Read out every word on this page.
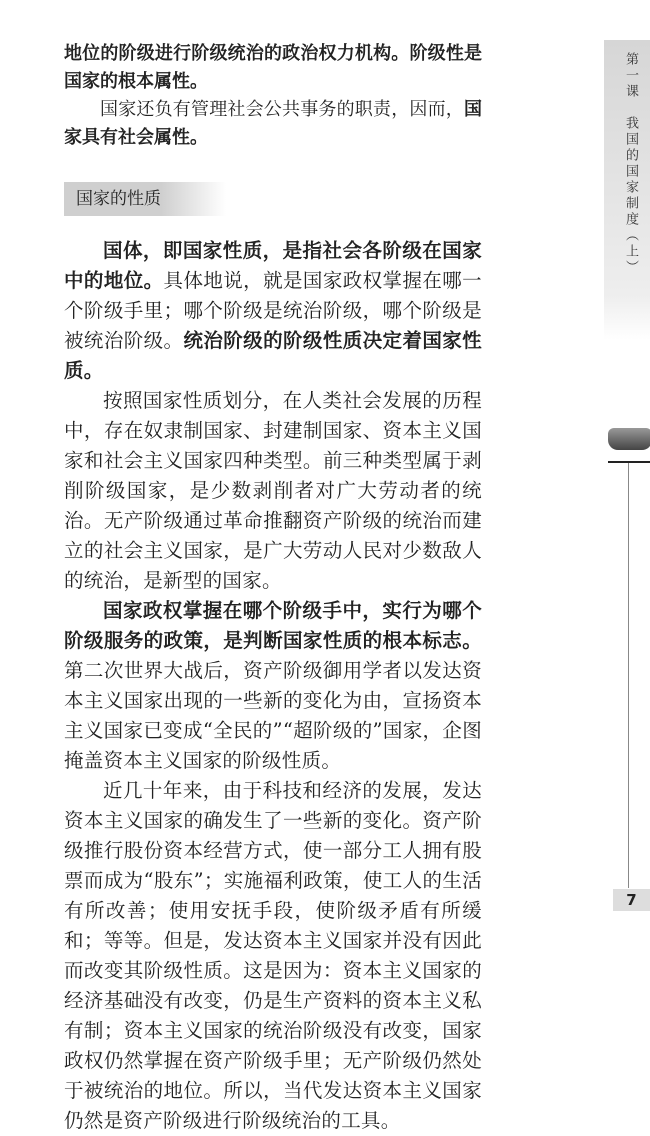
地位的阶级进行阶级统治的政治权力机构。阶级性是国家的根本属性。

国家还负有管理社会公共事务的职责，因而，国家具有社会属性。

国家的性质

国体，即国家性质，是指社会各阶级在国家中的地位。具体地说，就是国家政权掌握在哪一个阶级手里；哪个阶级是统治阶级，哪个阶级是被统治阶级。统治阶级的阶级性质决定着国家性质。

按照国家性质划分，在人类社会发展的历程中，存在奴隶制国家、封建制国家、资本主义国家和社会主义国家四种类型。前三种类型属于剥削阶级国家，是少数剥削者对广大劳动者的统治。无产阶级通过革命推翻资产阶级的统治而建立的社会主义国家，是广大劳动人民对少数敌人的统治，是新型的国家。

国家政权掌握在哪个阶级手中，实行为哪个阶级服务的政策，是判断国家性质的根本标志。第二次世界大战后，资产阶级御用学者以发达资本主义国家出现的一些新的变化为由，宣扬资本主义国家已变成“全民的”“超阶级的”国家，企图掩盖资本主义国家的阶级性质。

近几十年来，由于科技和经济的发展，发达资本主义国家的确发生了一些新的变化。资产阶级推行股份资本经营方式，使一部分工人拥有股票而成为“股东”；实施福利政策，使工人的生活有所改善；使用安抚手段，使阶级矛盾有所缓和；等等。但是，发达资本主义国家并没有因此而改变其阶级性质。这是因为：资本主义国家的经济基础没有改变，仍是生产资料的资本主义私有制；资本主义国家的统治阶级没有改变，国家政权仍然掌握在资产阶级手里；无产阶级仍然处于被统治的地位。所以，当代发达资本主义国家仍然是资产阶级进行阶级统治的工具。

第一课　我国的国家制度（上）
7
